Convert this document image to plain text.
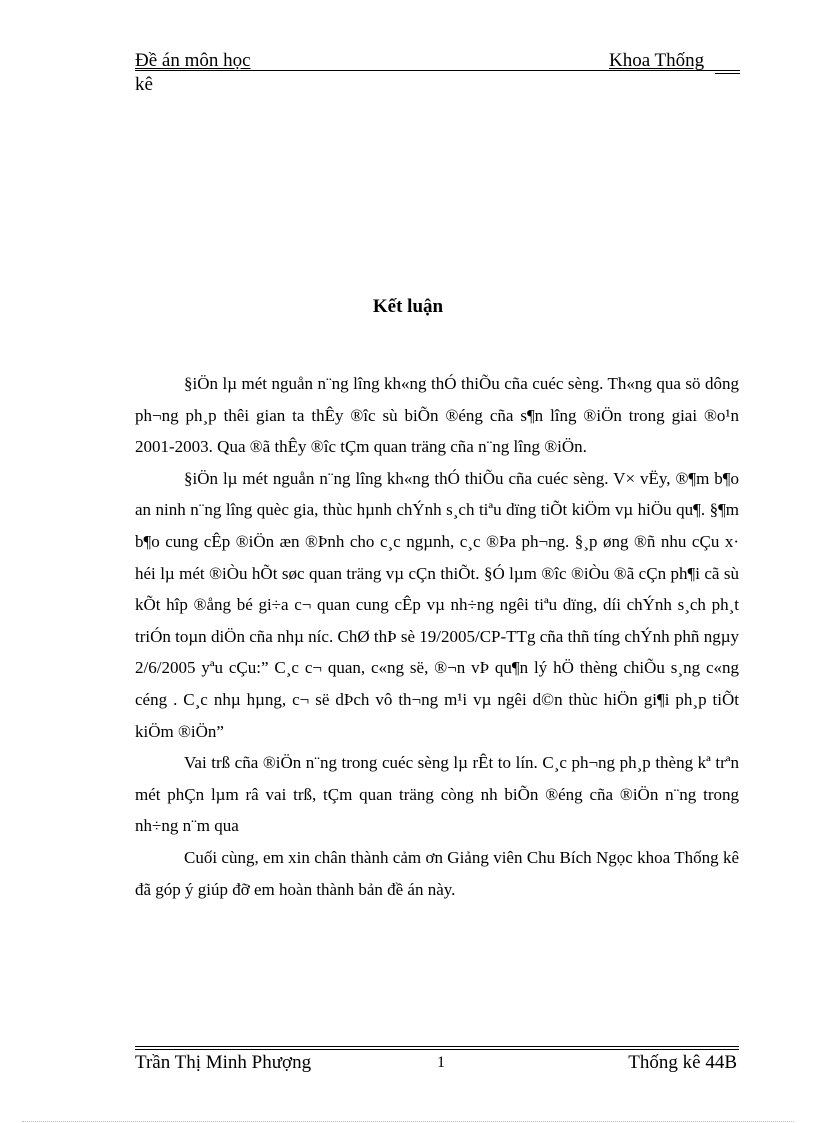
Đề án môn học	Khoa Thống
kê
Kết luận

§iÖn lµ mét nguån n¨ng lîng kh«ng thÓ thiÕu cña cuéc sèng. Th«ng qua sö dông ph¬ng ph¸p thêi gian ta thÊy ®îc sù biÕn ®éng cña s¶n lîng ®iÖn trong giai ®o¹n 2001-2003. Qua ®ã thÊy ®îc tÇm quan träng cña n¨ng lîng ®iÖn.

§iÖn lµ mét nguån n¨ng lîng kh«ng thÓ thiÕu cña cuéc sèng. V× vËy, ®¶m b¶o an ninh n¨ng lîng quèc gia, thùc hµnh chÝnh s¸ch tiªu dïng tiÕt kiÖm vµ hiÖu qu¶. §¶m b¶o cung cÊp ®iÖn æn ®Þnh cho c¸c ngµnh, c¸c ®Þa ph¬ng. §¸p øng ®ñ nhu cÇu x· héi lµ mét ®iÒu hÕt søc quan träng vµ cÇn thiÕt. §Ó lµm ®îc ®iÒu ®ã cÇn ph¶i cã sù kÕt hîp ®ång bé gi÷a c¬ quan cung cÊp vµ nh÷ng ngêi tiªu dïng, díi chÝnh s¸ch ph¸t triÓn toµn diÖn cña nhµ níc. ChØ thÞ sè 19/2005/CP-TTg cña thñ tíng chÝnh phñ ngµy 2/6/2005 yªu cÇu:” C¸c c¬ quan, c«ng së, ®¬n vÞ qu¶n lý hÖ thèng chiÕu s¸ng c«ng céng . C¸c nhµ hµng, c¬ së dÞch vô th¬ng m¹i vµ ngêi d©n thùc hiÖn gi¶i ph¸p tiÕt kiÖm ®iÖn”

Vai trß cña ®iÖn n¨ng trong cuéc sèng lµ rÊt to lín. C¸c ph¬ng ph¸p thèng kª trªn mét phÇn lµm râ vai trß, tÇm quan träng còng nh biÕn ®éng cña ®iÖn n¨ng trong nh÷ng n¨m qua

Cuối cùng, em xin chân thành cảm ơn Giảng viên Chu Bích Ngọc khoa Thống kê đã góp ý giúp đỡ em hoàn thành bản đề án này.

Trần Thị Minh Phượng	1	Thống kê 44B
